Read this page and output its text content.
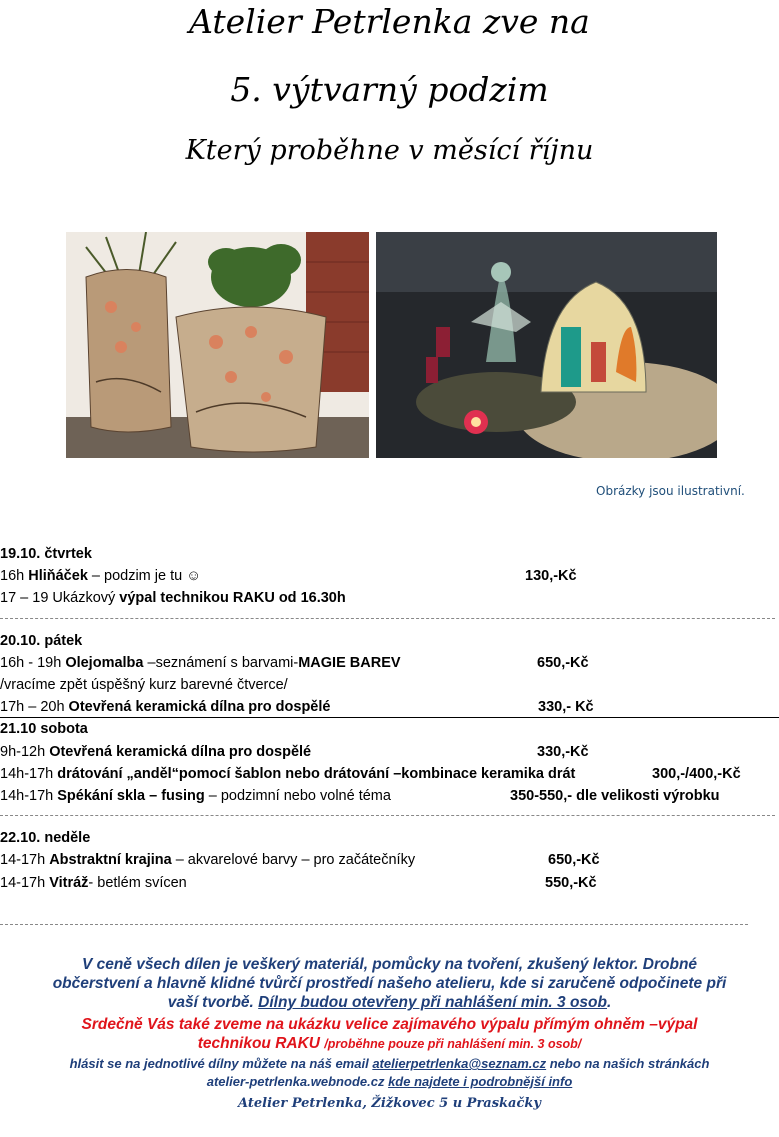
Atelier Petrlenka zve na
5. výtvarný podzim
Který proběhne v měsící říjnu
Obrázky jsou ilustrativní.
19.10. čtvrtek
16h Hliňáček – podzim je tu ☺	130,-Kč
17 – 19 Ukázkový výpal technikou RAKU od 16.30h
20.10. pátek
16h - 19h Olejomalba –seznámení s barvami-MAGIE BAREV	650,-Kč
/vracíme zpět úspěšný kurz barevné čtverce/
17h – 20h Otevřená keramická dílna pro dospělé	330,- Kč
21.10 sobota
9h-12h Otevřená keramická dílna pro dospělé	330,-Kč
14h-17h drátování „anděl“pomocí šablon nebo drátování –kombinace keramika drát	300,-/400,-Kč
14h-17h Spékání skla – fusing – podzimní nebo volné téma	350-550,- dle velikosti výrobku
22.10. neděle
14-17h Abstraktní krajina – akvarelové barvy – pro začátečníky	650,-Kč
14-17h Vitráž- betlém svícen	550,-Kč
V ceně všech dílen je veškerý materiál, pomůcky na tvoření, zkušený lektor. Drobné
občerstvení a hlavně klidné tvůrčí prostředí našeho atelieru, kde si zaručeně odpočinete při
vaší tvorbě. Dílny budou otevřeny při nahlášení min. 3 osob.
Srdečně Vás také zveme na ukázku velice zajímavého výpalu přímým ohněm –výpal
technikou RAKU /proběhne pouze při nahlášení min. 3 osob/
hlásit se na jednotlivé dílny můžete na náš email atelierpetrlenka@seznam.cz nebo na našich stránkách
atelier-petrlenka.webnode.cz kde najdete i podrobnější info
Atelier Petrlenka, Žižkovec 5 u Praskačky
